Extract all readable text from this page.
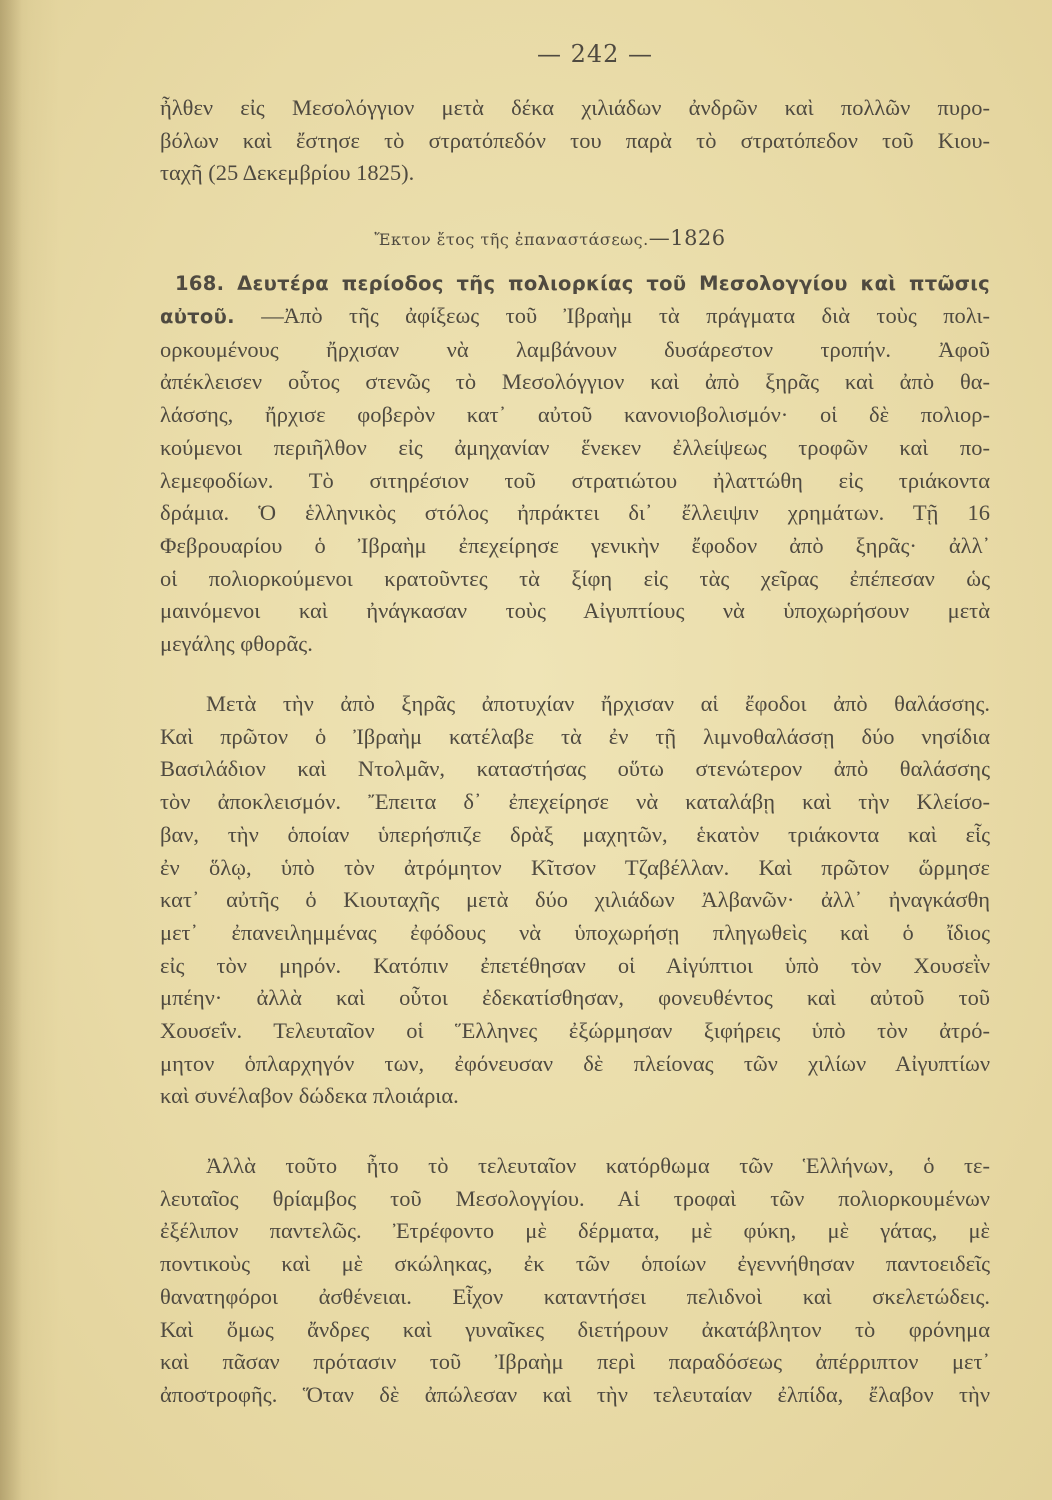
— 242 —
ἦλθεν εἰς Μεσολόγγιον μετὰ δέκα χιλιάδων ἀνδρῶν καὶ πολλῶν πυρο-
βόλων καὶ ἔστησε τὸ στρατόπεδόν του παρὰ τὸ στρατόπεδον τοῦ Κιου-
ταχῆ (25 Δεκεμβρίου 1825).
Ἔκτον ἔτος τῆς ἐπαναστάσεως.—1826
168. Δευτέρα περίοδος τῆς πολιορκίας τοῦ Μεσολογγίου καὶ πτῶσις
αὐτοῦ. —Ἀπὸ τῆς ἀφίξεως τοῦ Ἰβραὴμ τὰ πράγματα διὰ τοὺς πολι-
ορκουμένους ἤρχισαν νὰ λαμβάνουν δυσάρεστον τροπήν. Ἀφοῦ
ἀπέκλεισεν οὗτος στενῶς τὸ Μεσολόγγιον καὶ ἀπὸ ξηρᾶς καὶ ἀπὸ θα-
λάσσης, ἤρχισε φοβερὸν κατ᾿ αὐτοῦ κανονιοβολισμόν· οἱ δὲ πολιορ-
κούμενοι περιῆλθον εἰς ἀμηχανίαν ἕνεκεν ἐλλείψεως τροφῶν καὶ πο-
λεμεφοδίων. Τὸ σιτηρέσιον τοῦ στρατιώτου ἠλαττώθη εἰς τριάκοντα
δράμια. Ὁ ἑλληνικὸς στόλος ἠπράκτει δι᾿ ἔλλειψιν χρημάτων. Τῇ 16
Φεβρουαρίου ὁ Ἰβραὴμ ἐπεχείρησε γενικὴν ἔφοδον ἀπὸ ξηρᾶς· ἀλλ᾿
οἱ πολιορκούμενοι κρατοῦντες τὰ ξίφη εἰς τὰς χεῖρας ἐπέπεσαν ὡς
μαινόμενοι καὶ ἠνάγκασαν τοὺς Αἰγυπτίους νὰ ὑποχωρήσουν μετὰ
μεγάλης φθορᾶς.
Μετὰ τὴν ἀπὸ ξηρᾶς ἀποτυχίαν ἤρχισαν αἱ ἔφοδοι ἀπὸ θαλάσσης.
Καὶ πρῶτον ὁ Ἰβραὴμ κατέλαβε τὰ ἐν τῇ λιμνοθαλάσσῃ δύο νησίδια
Βασιλάδιον καὶ Ντολμᾶν, καταστήσας οὕτω στενώτερον ἀπὸ θαλάσσης
τὸν ἀποκλεισμόν. Ἔπειτα δ᾿ ἐπεχείρησε νὰ καταλάβῃ καὶ τὴν Κλείσο-
βαν, τὴν ὁποίαν ὑπερήσπιζε δρὰξ μαχητῶν, ἑκατὸν τριάκοντα καὶ εἷς
ἐν ὅλῳ, ὑπὸ τὸν ἀτρόμητον Κῖτσον Τζαβέλλαν. Καὶ πρῶτον ὥρμησε
κατ᾿ αὐτῆς ὁ Κιουταχῆς μετὰ δύο χιλιάδων Ἀλβανῶν· ἀλλ᾿ ἠναγκάσθη
μετ᾿ ἐπανειλημμένας ἐφόδους νὰ ὑποχωρήσῃ πληγωθεὶς καὶ ὁ ἴδιος
εἰς τὸν μηρόν. Κατόπιν ἐπετέθησαν οἱ Αἰγύπτιοι ὑπὸ τὸν Χουσεῒν
μπέην· ἀλλὰ καὶ οὗτοι ἐδεκατίσθησαν, φονευθέντος καὶ αὐτοῦ τοῦ
Χουσεΐν. Τελευταῖον οἱ Ἕλληνες ἐξώρμησαν ξιφήρεις ὑπὸ τὸν ἀτρό-
μητον ὁπλαρχηγόν των, ἐφόνευσαν δὲ πλείονας τῶν χιλίων Αἰγυπτίων
καὶ συνέλαβον δώδεκα πλοιάρια.
Ἀλλὰ τοῦτο ἦτο τὸ τελευταῖον κατόρθωμα τῶν Ἑλλήνων, ὁ τε-
λευταῖος θρίαμβος τοῦ Μεσολογγίου. Αἱ τροφαὶ τῶν πολιορκουμένων
ἐξέλιπον παντελῶς. Ἐτρέφοντο μὲ δέρματα, μὲ φύκη, μὲ γάτας, μὲ
ποντικοὺς καὶ μὲ σκώληκας, ἐκ τῶν ὁποίων ἐγεννήθησαν παντοειδεῖς
θανατηφόροι ἀσθένειαι. Εἶχον καταντήσει πελιδνοὶ καὶ σκελετώδεις.
Καὶ ὅμως ἄνδρες καὶ γυναῖκες διετήρουν ἀκατάβλητον τὸ φρόνημα
καὶ πᾶσαν πρότασιν τοῦ Ἰβραὴμ περὶ παραδόσεως ἀπέρριπτον μετ᾿
ἀποστροφῆς. Ὅταν δὲ ἀπώλεσαν καὶ τὴν τελευταίαν ἐλπίδα, ἔλαβον τὴν
